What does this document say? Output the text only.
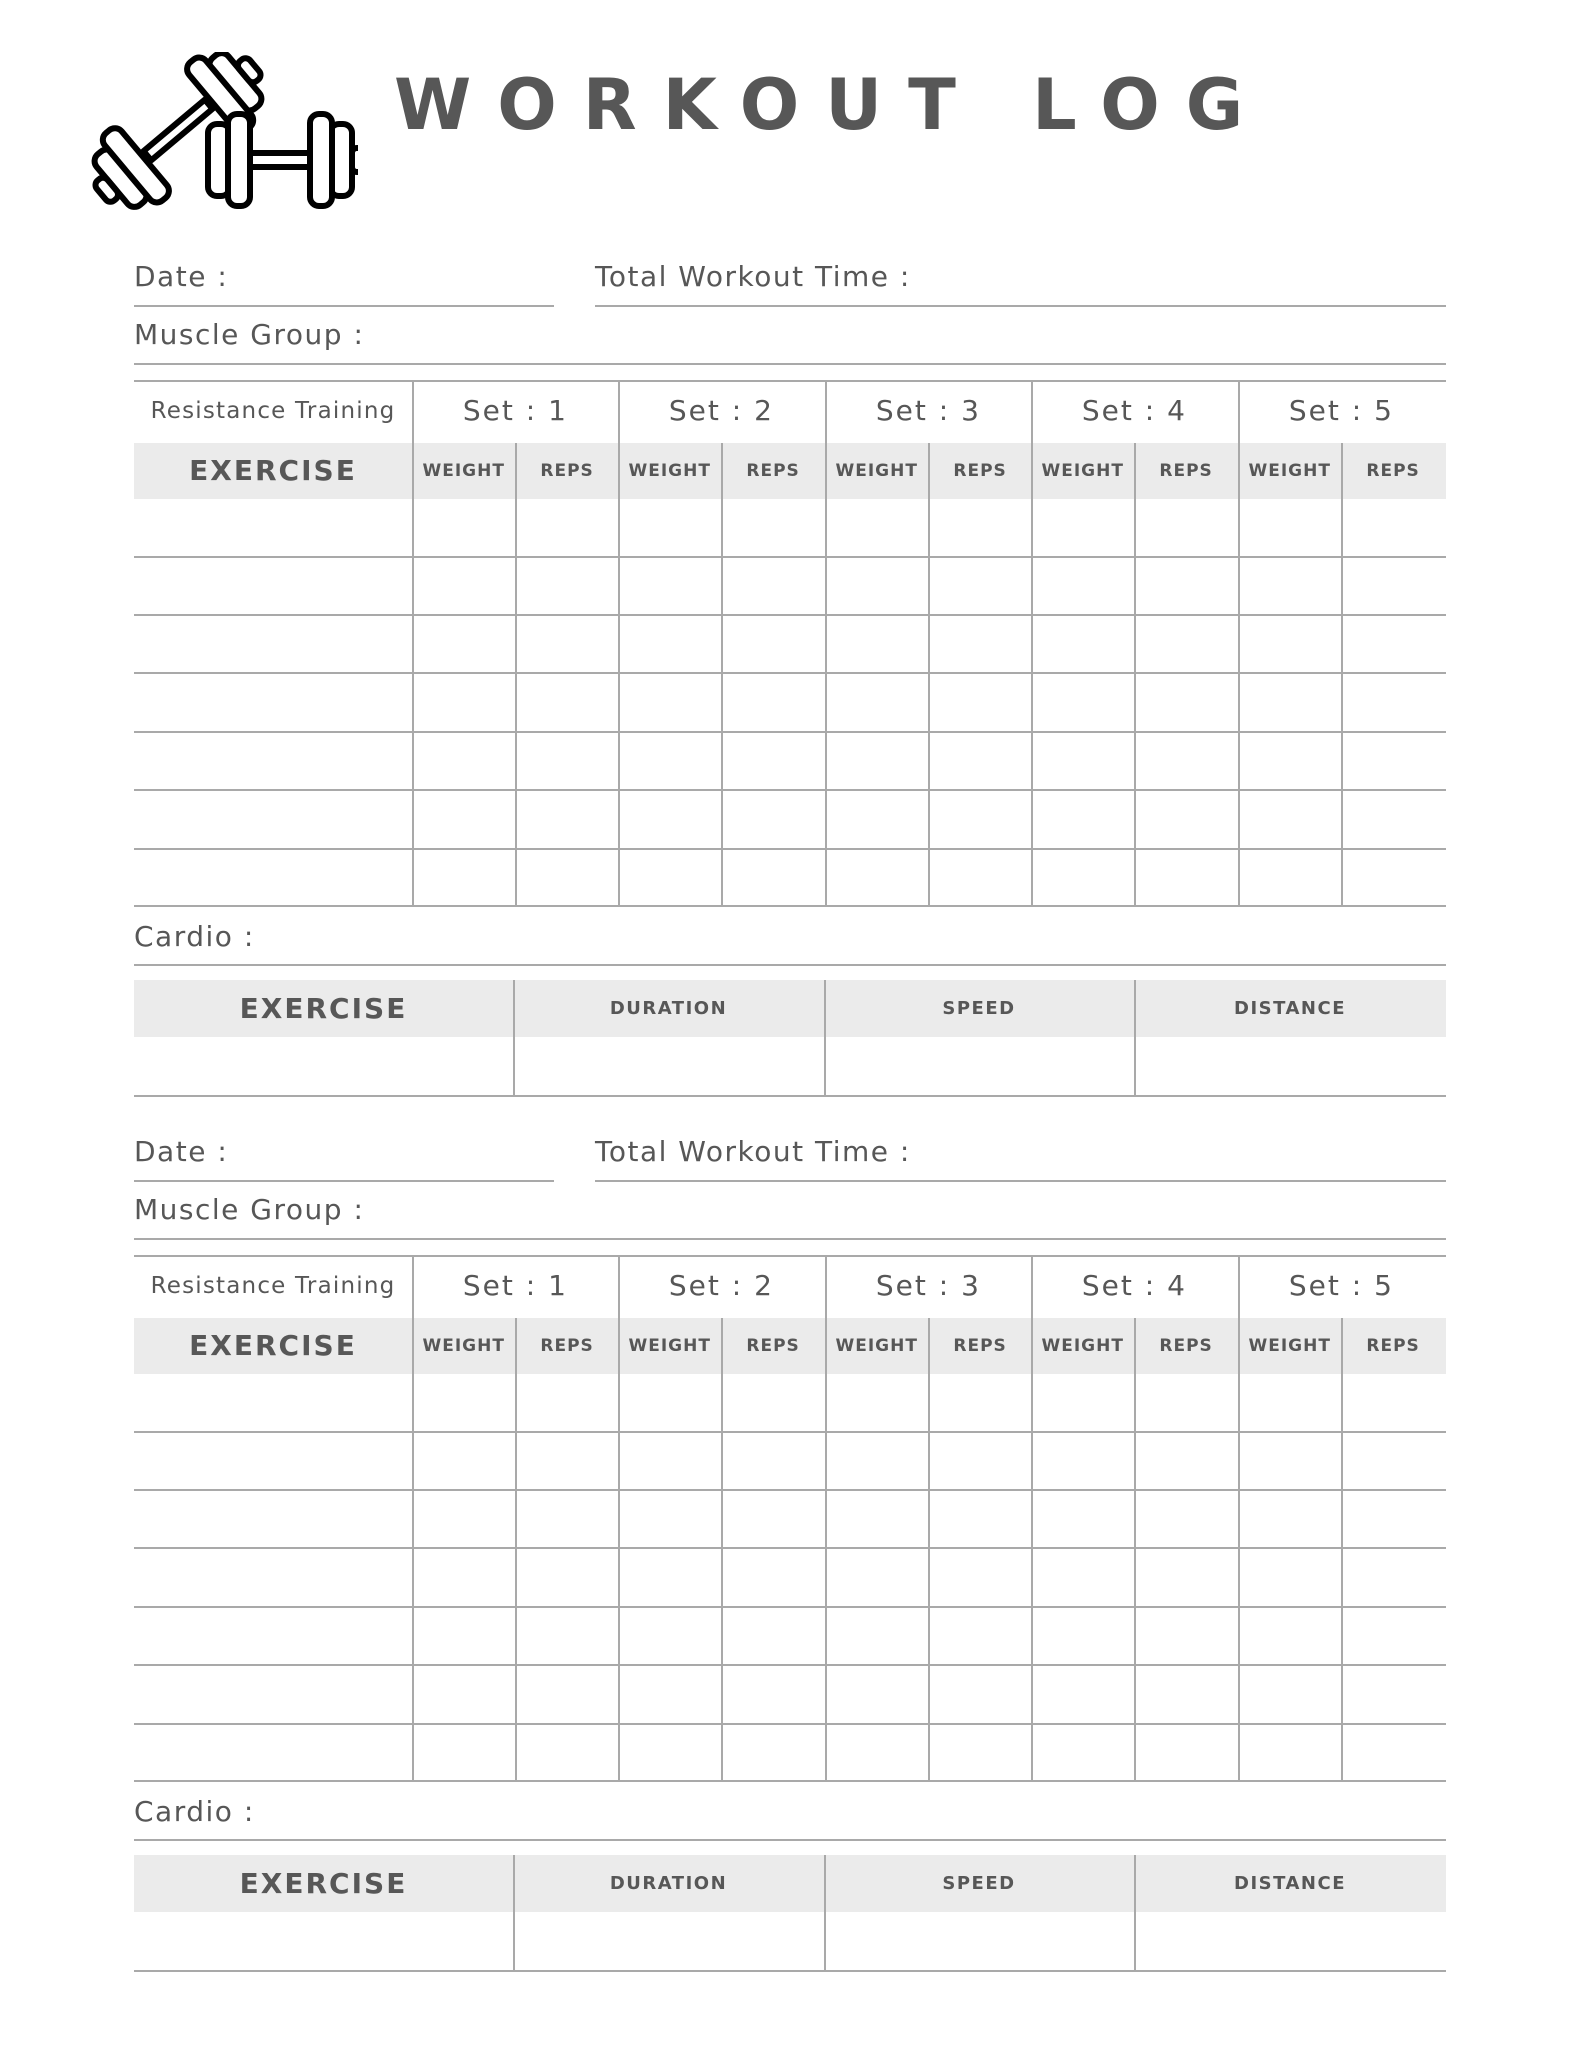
WORKOUT LOG
Date :	Total Workout Time :
Muscle Group :
Resistance Training	Set : 1	Set : 2	Set : 3	Set : 4	Set : 5
EXERCISE	WEIGHT	REPS	WEIGHT	REPS	WEIGHT	REPS	WEIGHT	REPS	WEIGHT	REPS
Cardio :
EXERCISE	DURATION	SPEED	DISTANCE
Date :	Total Workout Time :
Muscle Group :
Resistance Training	Set : 1	Set : 2	Set : 3	Set : 4	Set : 5
EXERCISE	WEIGHT	REPS	WEIGHT	REPS	WEIGHT	REPS	WEIGHT	REPS	WEIGHT	REPS
Cardio :
EXERCISE	DURATION	SPEED	DISTANCE
